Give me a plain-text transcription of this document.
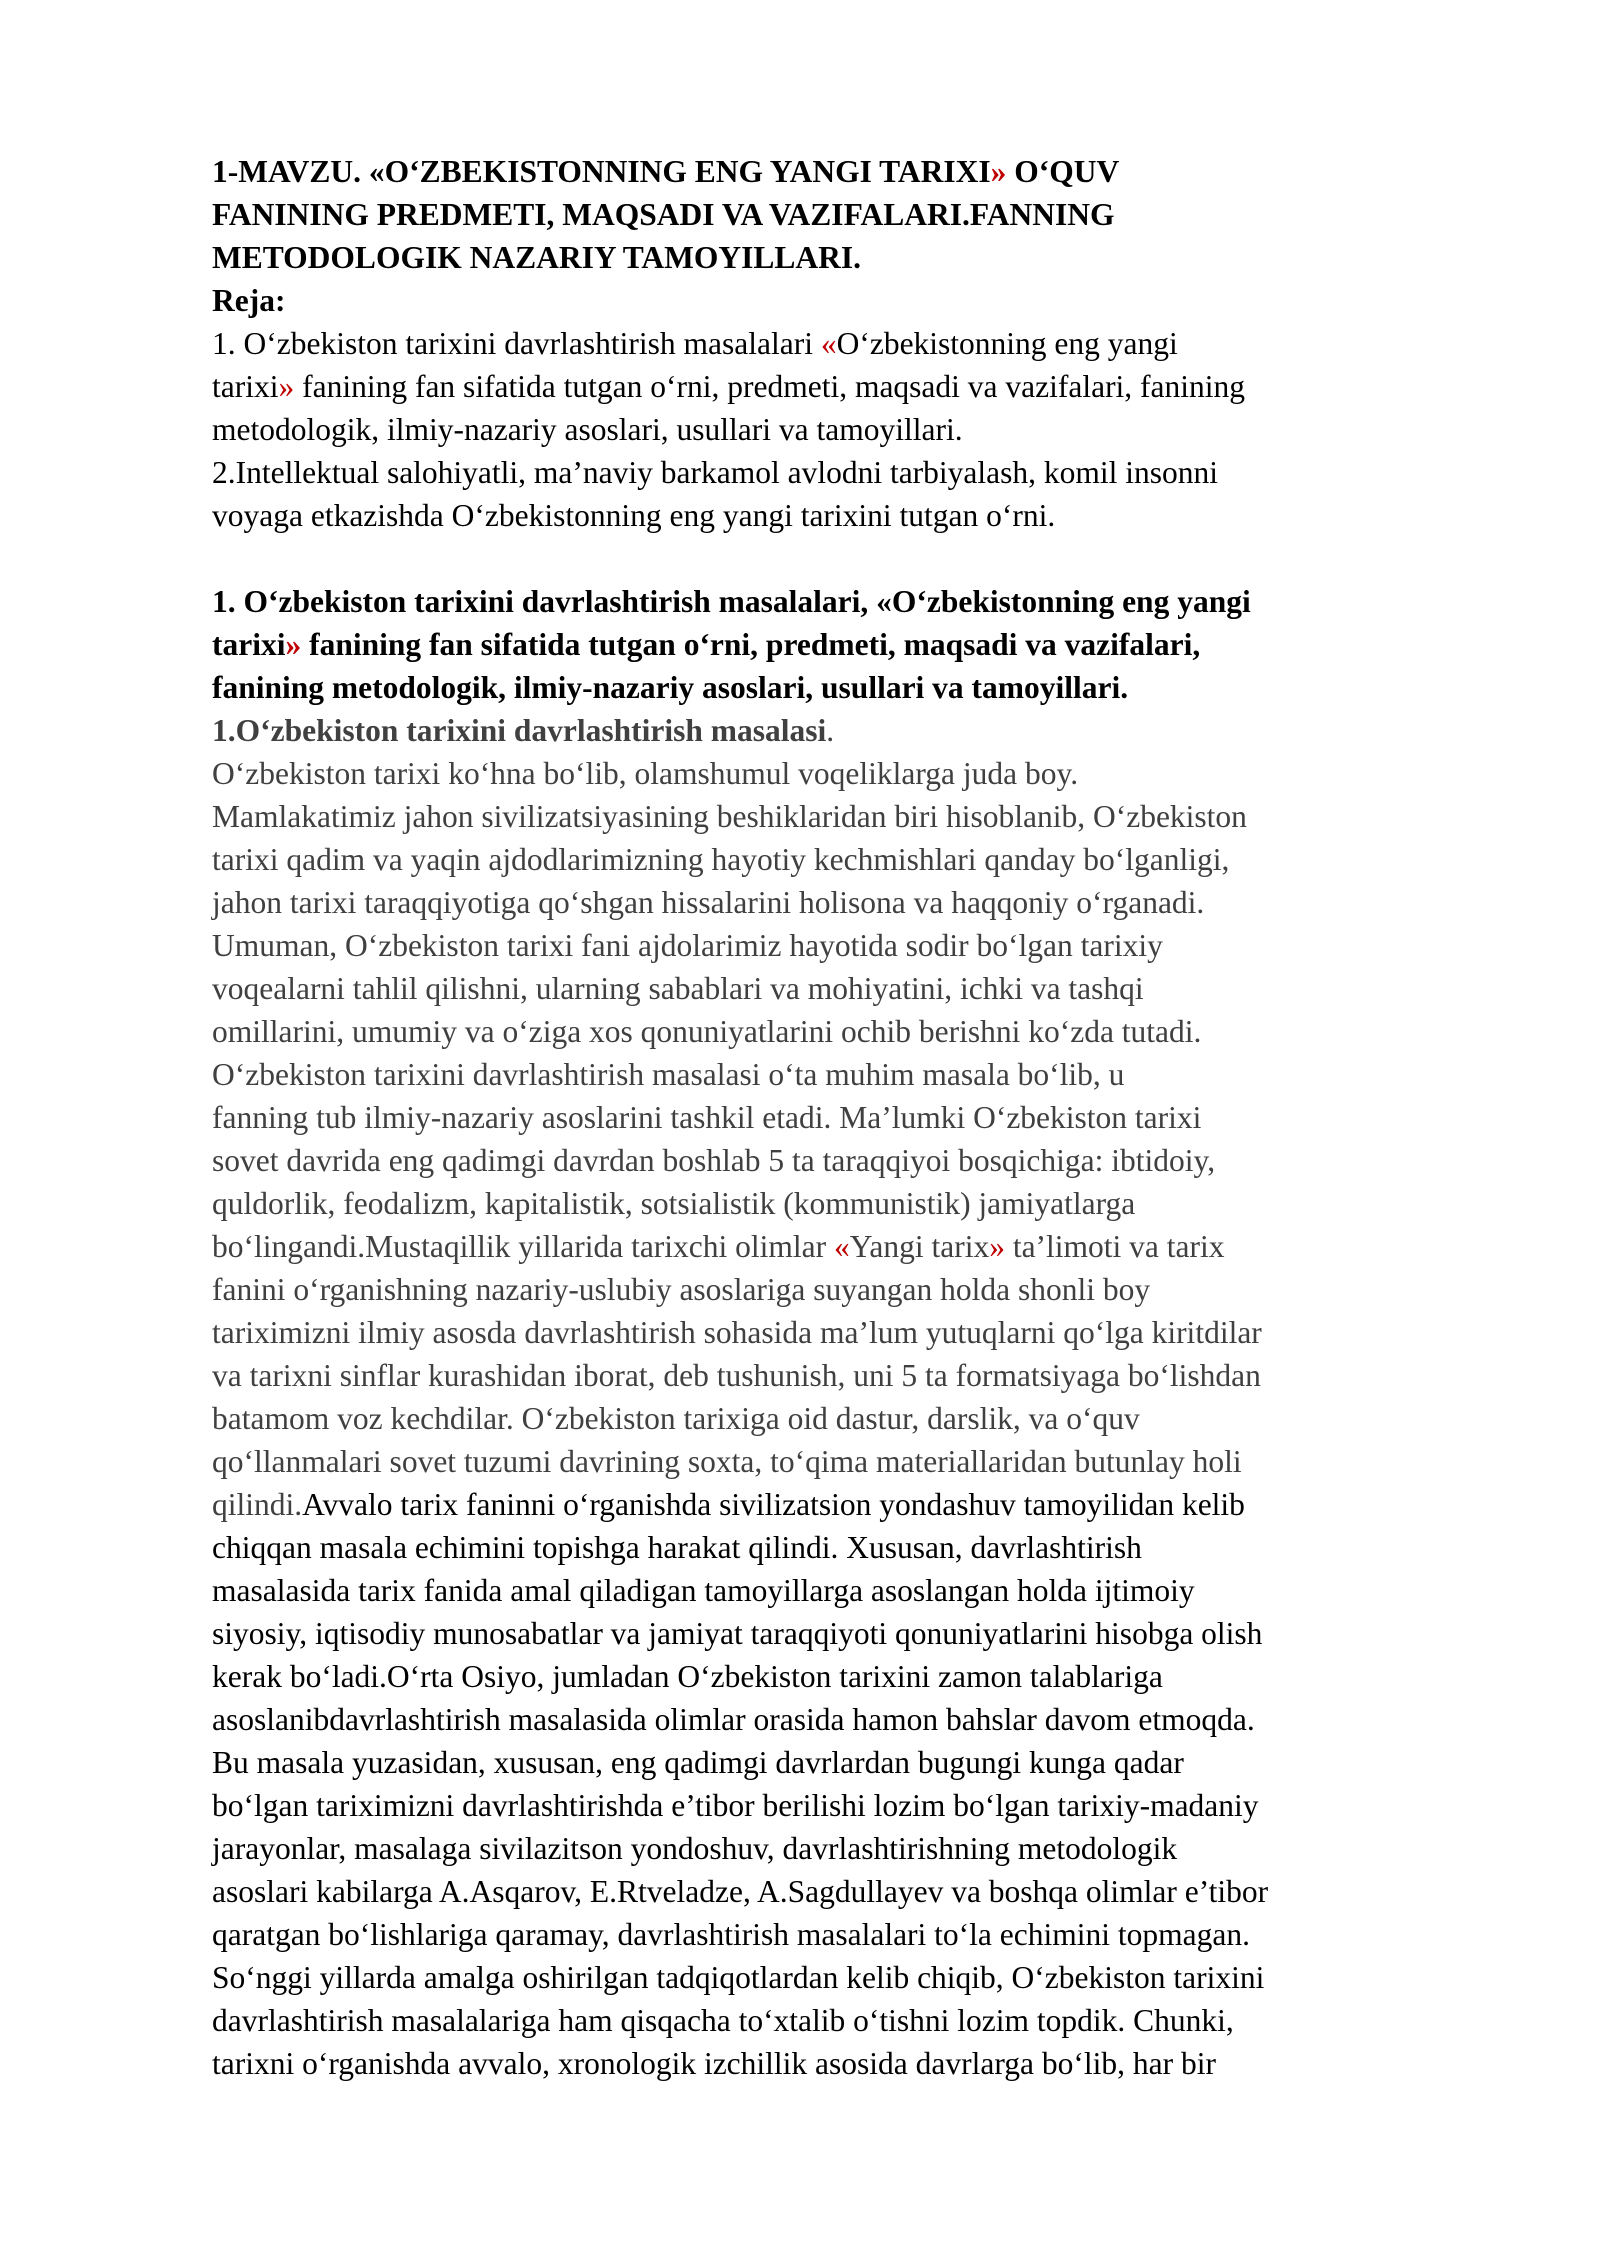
1-MAVZU. «O‘ZBEKISTONNING ENG YANGI TARIXI» O‘QUV
FANINING PREDMETI, MAQSADI VA VAZIFALARI.FANNING
METODOLOGIK NAZARIY TAMOYILLARI.
Reja:
1. O‘zbekiston tarixini davrlashtirish masalalari «O‘zbekistonning eng yangi
tarixi» fanining fan sifatida tutgan o‘rni, predmeti, maqsadi va vazifalari, fanining
metodologik, ilmiy-nazariy asoslari, usullari va tamoyillari.
2.Intellektual salohiyatli, ma’naviy barkamol avlodni tarbiyalash, komil insonni
voyaga etkazishda O‘zbekistonning eng yangi tarixini tutgan o‘rni.
1. O‘zbekiston tarixini davrlashtirish masalalari, «O‘zbekistonning eng yangi
tarixi» fanining fan sifatida tutgan o‘rni, predmeti, maqsadi va vazifalari,
fanining metodologik, ilmiy-nazariy asoslari, usullari va tamoyillari.
1.O‘zbekiston tarixini davrlashtirish masalasi.
O‘zbekiston tarixi ko‘hna bo‘lib, olamshumul voqeliklarga juda boy.
Mamlakatimiz jahon sivilizatsiyasining beshiklaridan biri hisoblanib, O‘zbekiston
tarixi qadim va yaqin ajdodlarimizning hayotiy kechmishlari qanday bo‘lganligi,
jahon tarixi taraqqiyotiga qo‘shgan hissalarini holisona va haqqoniy o‘rganadi.
Umuman, O‘zbekiston tarixi fani ajdolarimiz hayotida sodir bo‘lgan tarixiy
voqealarni tahlil qilishni, ularning sabablari va mohiyatini, ichki va tashqi
omillarini, umumiy va o‘ziga xos qonuniyatlarini ochib berishni ko‘zda tutadi.
O‘zbekiston tarixini davrlashtirish masalasi o‘ta muhim masala bo‘lib, u
fanning tub ilmiy-nazariy asoslarini tashkil etadi. Ma’lumki O‘zbekiston tarixi
sovet davrida eng qadimgi davrdan boshlab 5 ta taraqqiyoi bosqichiga: ibtidoiy,
quldorlik, feodalizm, kapitalistik, sotsialistik (kommunistik) jamiyatlarga
bo‘lingandi.Mustaqillik yillarida tarixchi olimlar «Yangi tarix» ta’limoti va tarix
fanini o‘rganishning nazariy-uslubiy asoslariga suyangan holda shonli boy
tariximizni ilmiy asosda davrlashtirish sohasida ma’lum yutuqlarni qo‘lga kiritdilar
va tarixni sinflar kurashidan iborat, deb tushunish, uni 5 ta formatsiyaga bo‘lishdan
batamom voz kechdilar. O‘zbekiston tarixiga oid dastur, darslik, va o‘quv
qo‘llanmalari sovet tuzumi davrining soxta, to‘qima materiallaridan butunlay holi
qilindi.Avvalo tarix faninni o‘rganishda sivilizatsion yondashuv tamoyilidan kelib
chiqqan masala echimini topishga harakat qilindi. Xususan, davrlashtirish
masalasida tarix fanida amal qiladigan tamoyillarga asoslangan holda ijtimoiy
siyosiy, iqtisodiy munosabatlar va jamiyat taraqqiyoti qonuniyatlarini hisobga olish
kerak bo‘ladi.O‘rta Osiyo, jumladan O‘zbekiston tarixini zamon talablariga
asoslanibdavrlashtirish masalasida olimlar orasida hamon bahslar davom etmoqda.
Bu masala yuzasidan, xususan, eng qadimgi davrlardan bugungi kunga qadar
bo‘lgan tariximizni davrlashtirishda e’tibor berilishi lozim bo‘lgan tarixiy-madaniy
jarayonlar, masalaga sivilazitson yondoshuv, davrlashtirishning metodologik
asoslari kabilarga A.Asqarov, E.Rtveladze, A.Sagdullayev va boshqa olimlar e’tibor
qaratgan bo‘lishlariga qaramay, davrlashtirish masalalari to‘la echimini topmagan.
So‘nggi yillarda amalga oshirilgan tadqiqotlardan kelib chiqib, O‘zbekiston tarixini
davrlashtirish masalalariga ham qisqacha to‘xtalib o‘tishni lozim topdik. Chunki,
tarixni o‘rganishda avvalo, xronologik izchillik asosida davrlarga bo‘lib, har bir
